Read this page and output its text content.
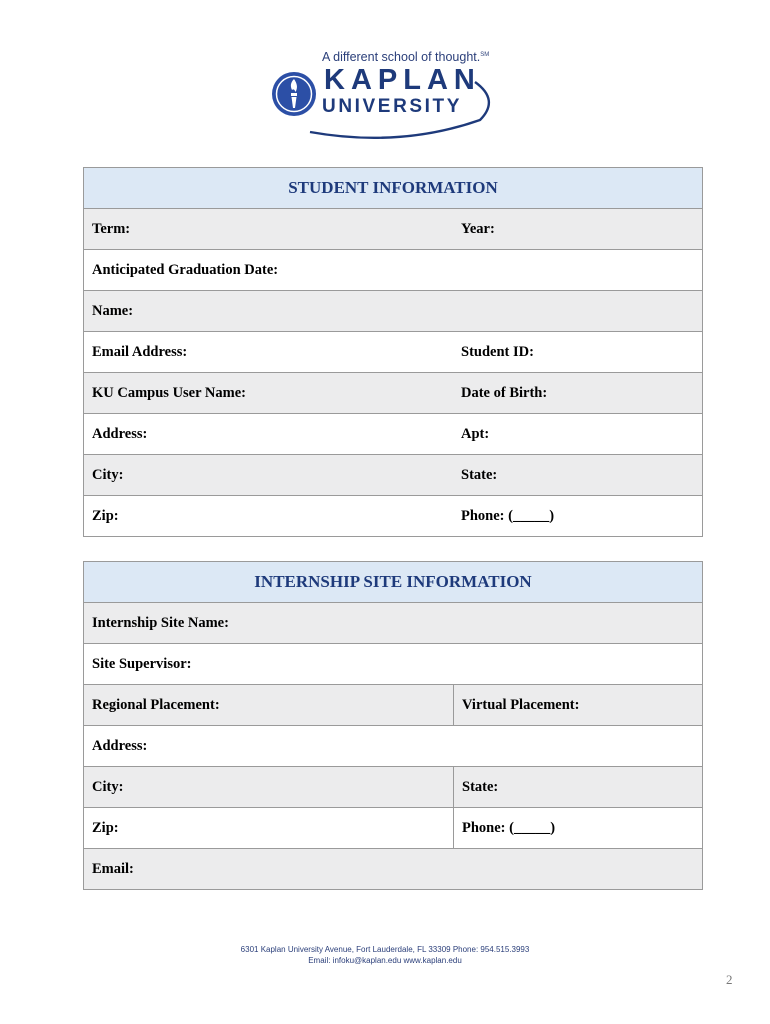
A different school of thought.℠
KAPLAN
UNIVERSITY
STUDENT INFORMATION	
Term:	Year:
Anticipated Graduation Date:	
Name:	
Email Address:	Student ID:
KU Campus User Name:	Date of Birth:
Address:	Apt:
City:	State:
Zip:	Phone: (_____)
INTERNSHIP SITE INFORMATION	
Internship Site Name:	
Site Supervisor:	
Regional Placement:	Virtual Placement:
Address:	
City:	State:
Zip:	Phone: (_____)
Email:	
6301 Kaplan University Avenue, Fort Lauderdale, FL 33309 Phone: 954.515.3993
Email: infoku@kaplan.edu www.kaplan.edu
2
